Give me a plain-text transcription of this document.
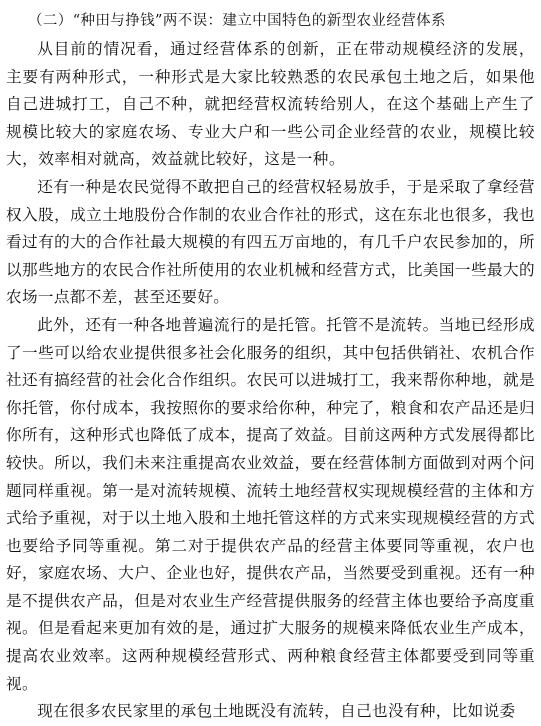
（二）“种田与挣钱”两不误：建立中国特色的新型农业经营体系

从目前的情况看，通过经营体系的创新，正在带动规模经济的发展，主要有两种形式，一种形式是大家比较熟悉的农民承包土地之后，如果他自己进城打工，自己不种，就把经营权流转给别人，在这个基础上产生了规模比较大的家庭农场、专业大户和一些公司企业经营的农业，规模比较大，效率相对就高，效益就比较好，这是一种。

还有一种是农民觉得不敢把自己的经营权轻易放手，于是采取了拿经营权入股，成立土地股份合作制的农业合作社的形式，这在东北也很多，我也看过有的大的合作社最大规模的有四五万亩地的，有几千户农民参加的，所以那些地方的农民合作社所使用的农业机械和经营方式，比美国一些最大的农场一点都不差，甚至还要好。

此外，还有一种各地普遍流行的是托管。托管不是流转。当地已经形成了一些可以给农业提供很多社会化服务的组织，其中包括供销社、农机合作社还有搞经营的社会化合作组织。农民可以进城打工，我来帮你种地，就是你托管，你付成本，我按照你的要求给你种，种完了，粮食和农产品还是归你所有，这种形式也降低了成本，提高了效益。目前这两种方式发展得都比较快。所以，我们未来注重提高农业效益，要在经营体制方面做到对两个问题同样重视。第一是对流转规模、流转土地经营权实现规模经营的主体和方式给予重视，对于以土地入股和土地托管这样的方式来实现规模经营的方式也要给予同等重视。第二对于提供农产品的经营主体要同等重视，农户也好，家庭农场、大户、企业也好，提供农产品，当然要受到重视。还有一种是不提供农产品，但是对农业生产经营提供服务的经营主体也要给予高度重视。但是看起来更加有效的是，通过扩大服务的规模来降低农业生产成本，提高农业效率。这两种规模经营形式、两种粮食经营主体都要受到同等重视。

现在很多农民家里的承包土地既没有流转，自己也没有种，比如说委
